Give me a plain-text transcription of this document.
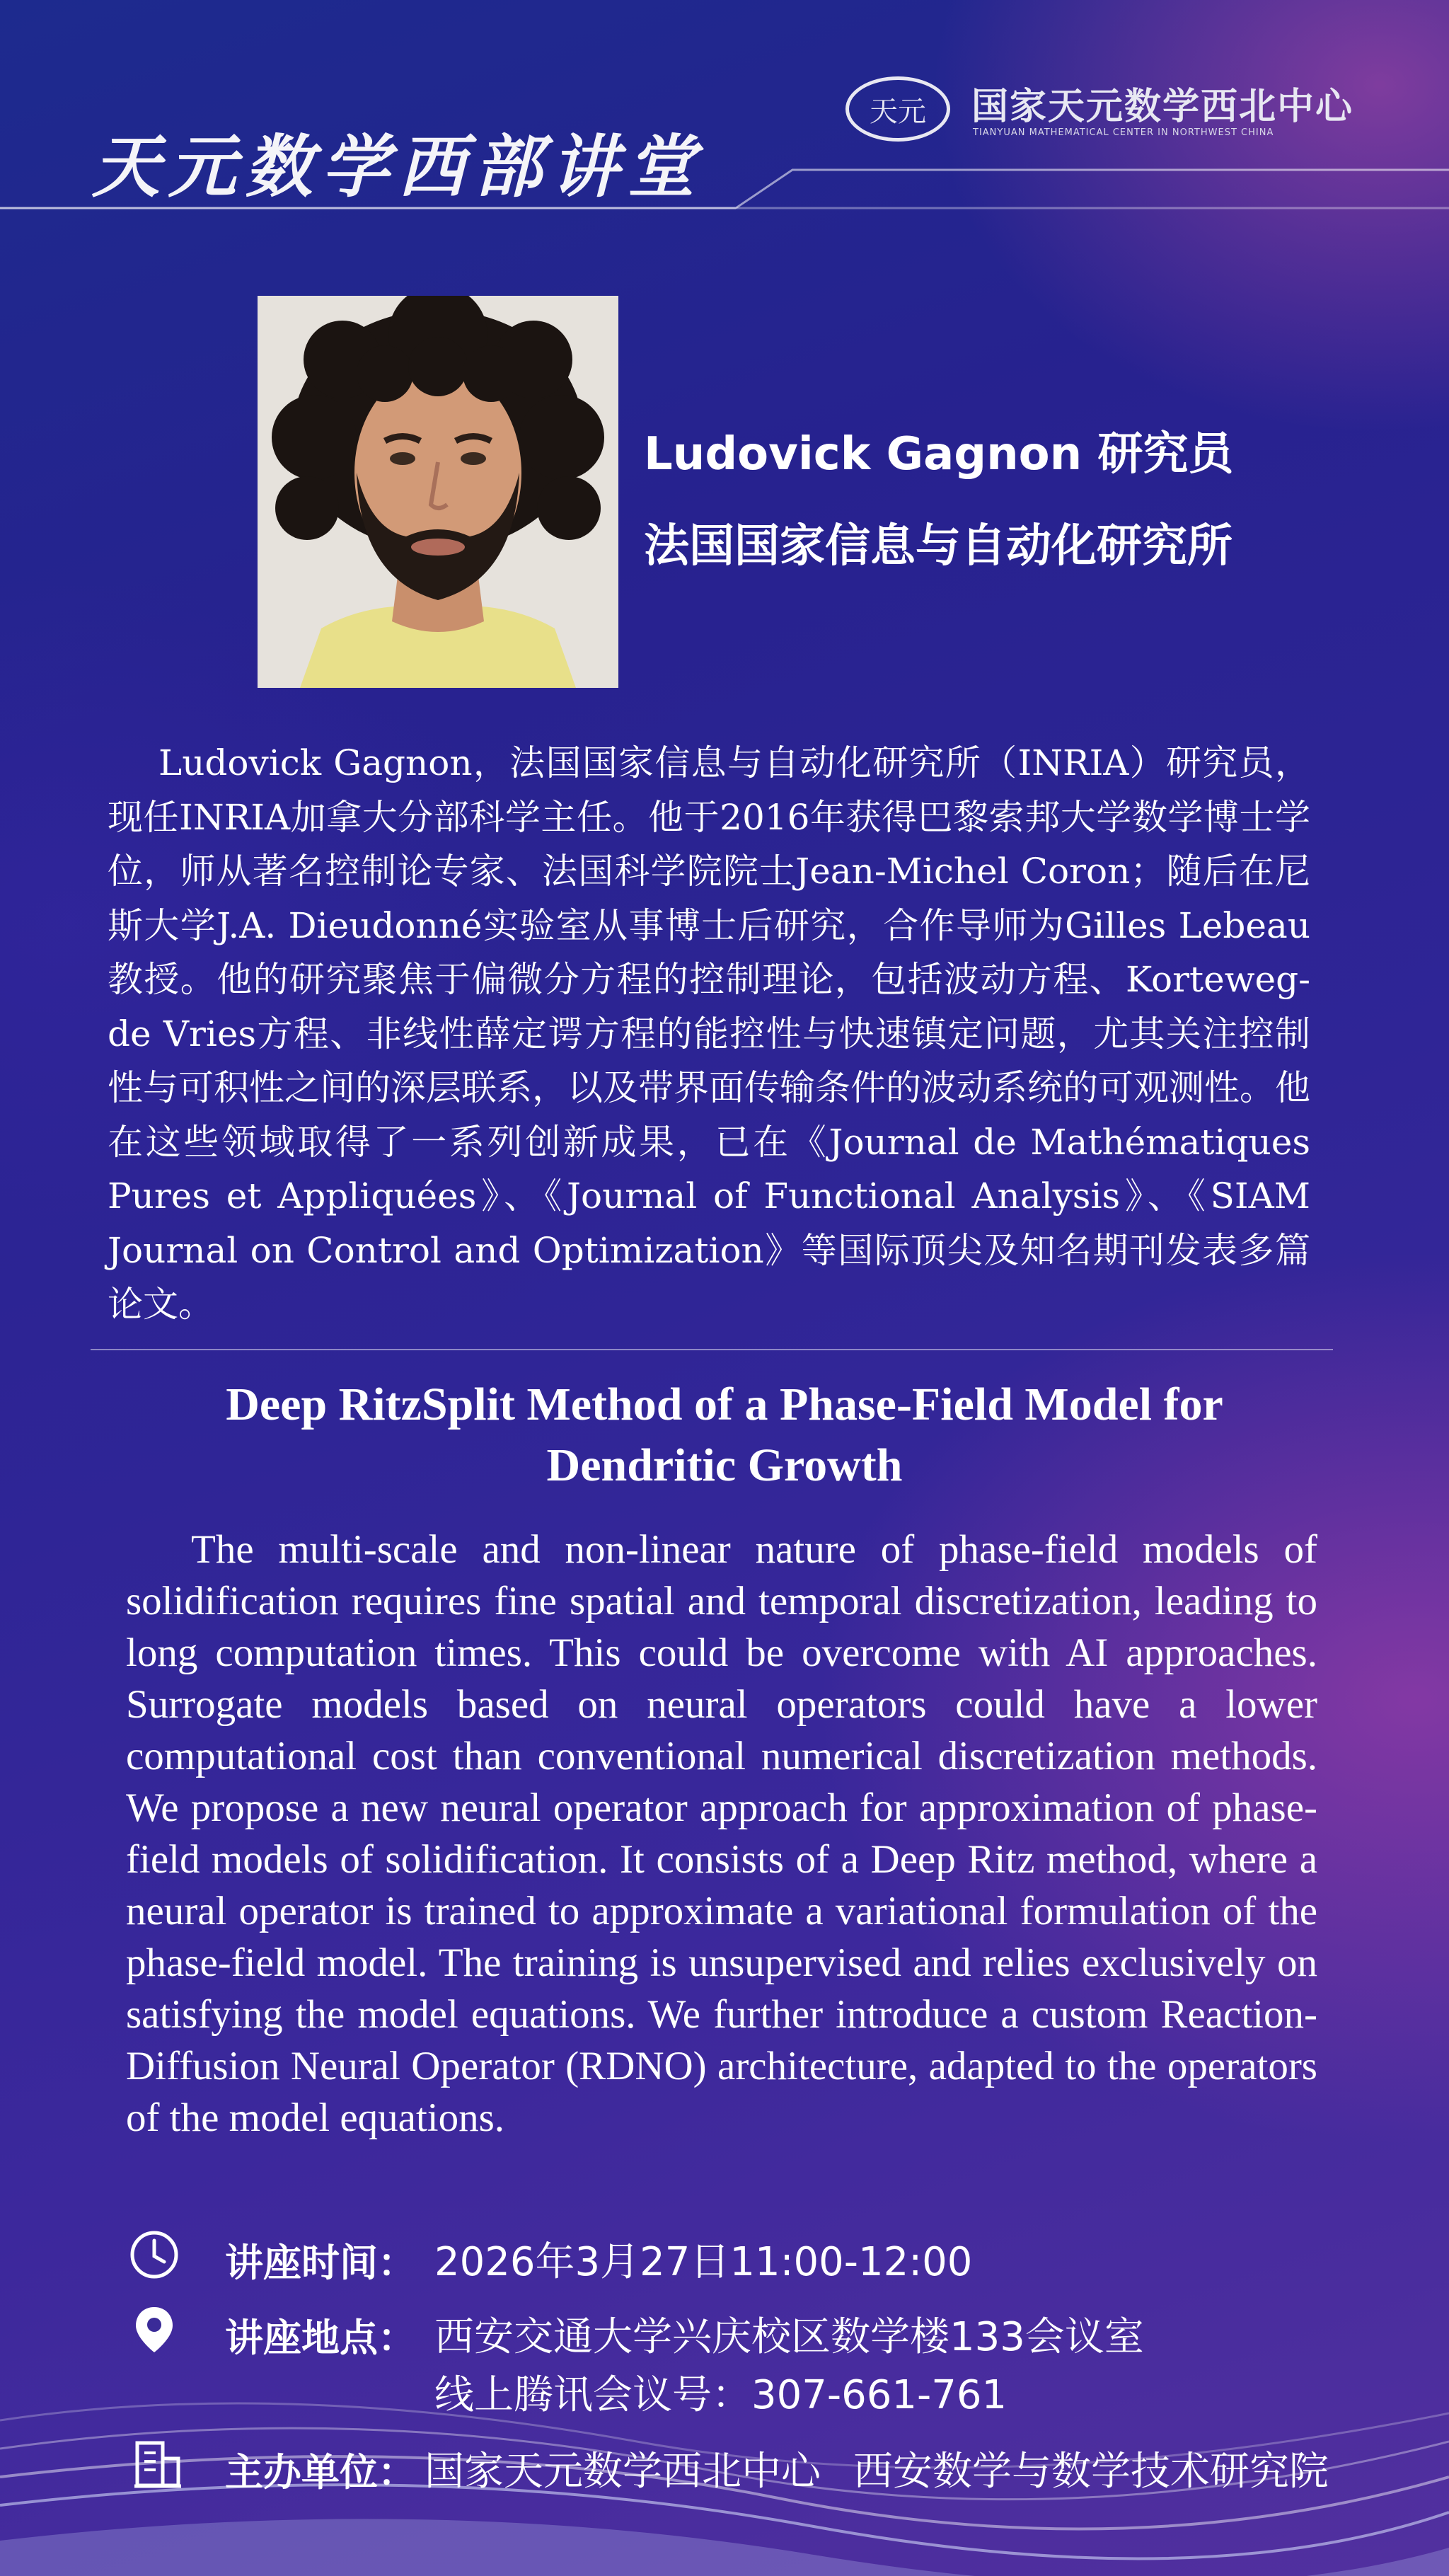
天元数学西部讲堂
天元	国家天元数学西北中心
TIANYUAN MATHEMATICAL CENTER IN NORTHWEST CHINA
Ludovick Gagnon 研究员
法国国家信息与自动化研究所

Ludovick Gagnon，法国国家信息与自动化研究所（INRIA）研究员，现任INRIA加拿大分部科学主任。他于2016年获得巴黎索邦大学数学博士学位，师从著名控制论专家、法国科学院院士Jean-Michel Coron；随后在尼斯大学J.A. Dieudonné实验室从事博士后研究，合作导师为Gilles Lebeau教授。他的研究聚焦于偏微分方程的控制理论，包括波动方程、Korteweg-de Vries方程、非线性薛定谔方程的能控性与快速镇定问题，尤其关注控制性与可积性之间的深层联系，以及带界面传输条件的波动系统的可观测性。他在这些领域取得了一系列创新成果，已在《Journal de Mathématiques Pures et Appliquées》、《Journal of Functional Analysis》、《SIAM Journal on Control and Optimization》等国际顶尖及知名期刊发表多篇论文。

Deep RitzSplit Method of a Phase-Field Model for
Dendritic Growth

The multi-scale and non-linear nature of phase-field models of solidification requires fine spatial and temporal discretization, leading to long computation times. This could be overcome with AI approaches. Surrogate models based on neural operators could have a lower computational cost than conventional numerical discretization methods. We propose a new neural operator approach for approximation of phase-field models of solidification. It consists of a Deep Ritz method, where a neural operator is trained to approximate a variational formulation of the phase-field model. The training is unsupervised and relies exclusively on satisfying the model equations. We further introduce a custom Reaction-Diffusion Neural Operator (RDNO) architecture, adapted to the operators of the model equations.

讲座时间： 2026年3月27日11:00-12:00
讲座地点： 西安交通大学兴庆校区数学楼133会议室
线上腾讯会议号：307-661-761
主办单位： 国家天元数学西北中心 西安数学与数学技术研究院
